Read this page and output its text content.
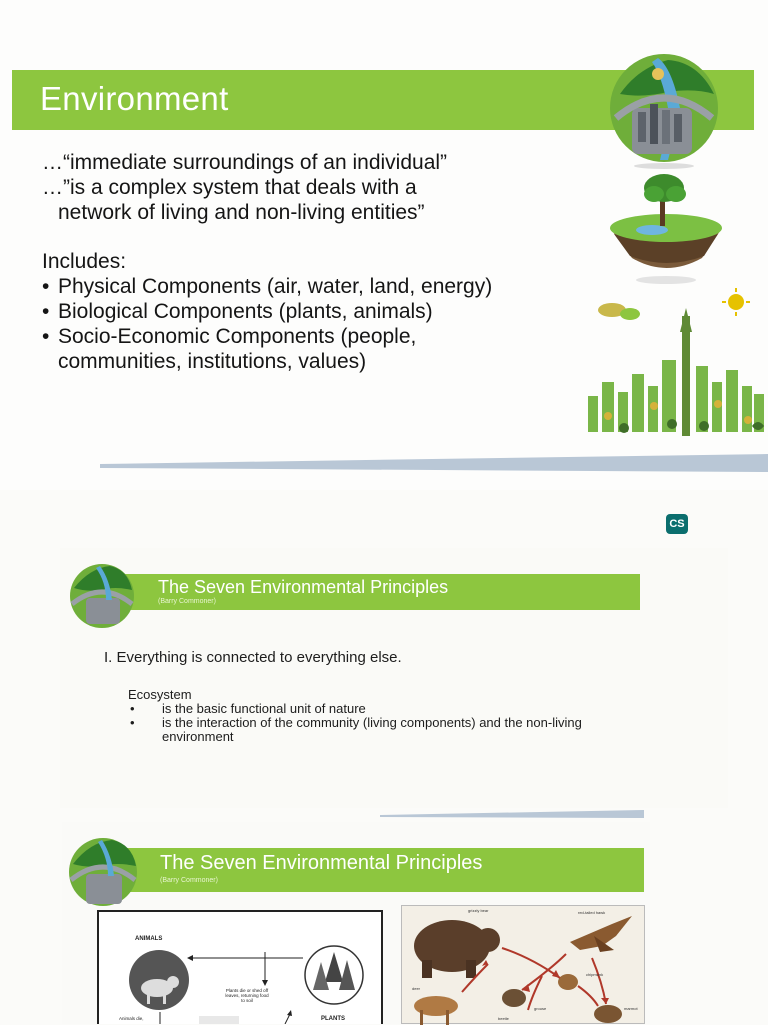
Environment

…“immediate surroundings of an individual”

…”is a complex system that deals with a

network of living and non-living entities”

Includes:

• Physical Components (air, water, land, energy)
• Biological Components (plants, animals)
• Socio-Economic Components (people, communities, institutions, values)
CS
The Seven Environmental Principles
(Barry Commoner)
I. Everything is connected to everything else.
Ecosystem
• is the basic functional unit of nature
• is the interaction of the community (living components) and the non-living environment
The Seven Environmental Principles
(Barry Commoner)
ANIMALS
Plants die or shed off leaves, returning food to soil
PLANTS
Animals die,
grizzly bear	red-tailed hawk
deer
chipmunk
grouse
beetle
marmot
